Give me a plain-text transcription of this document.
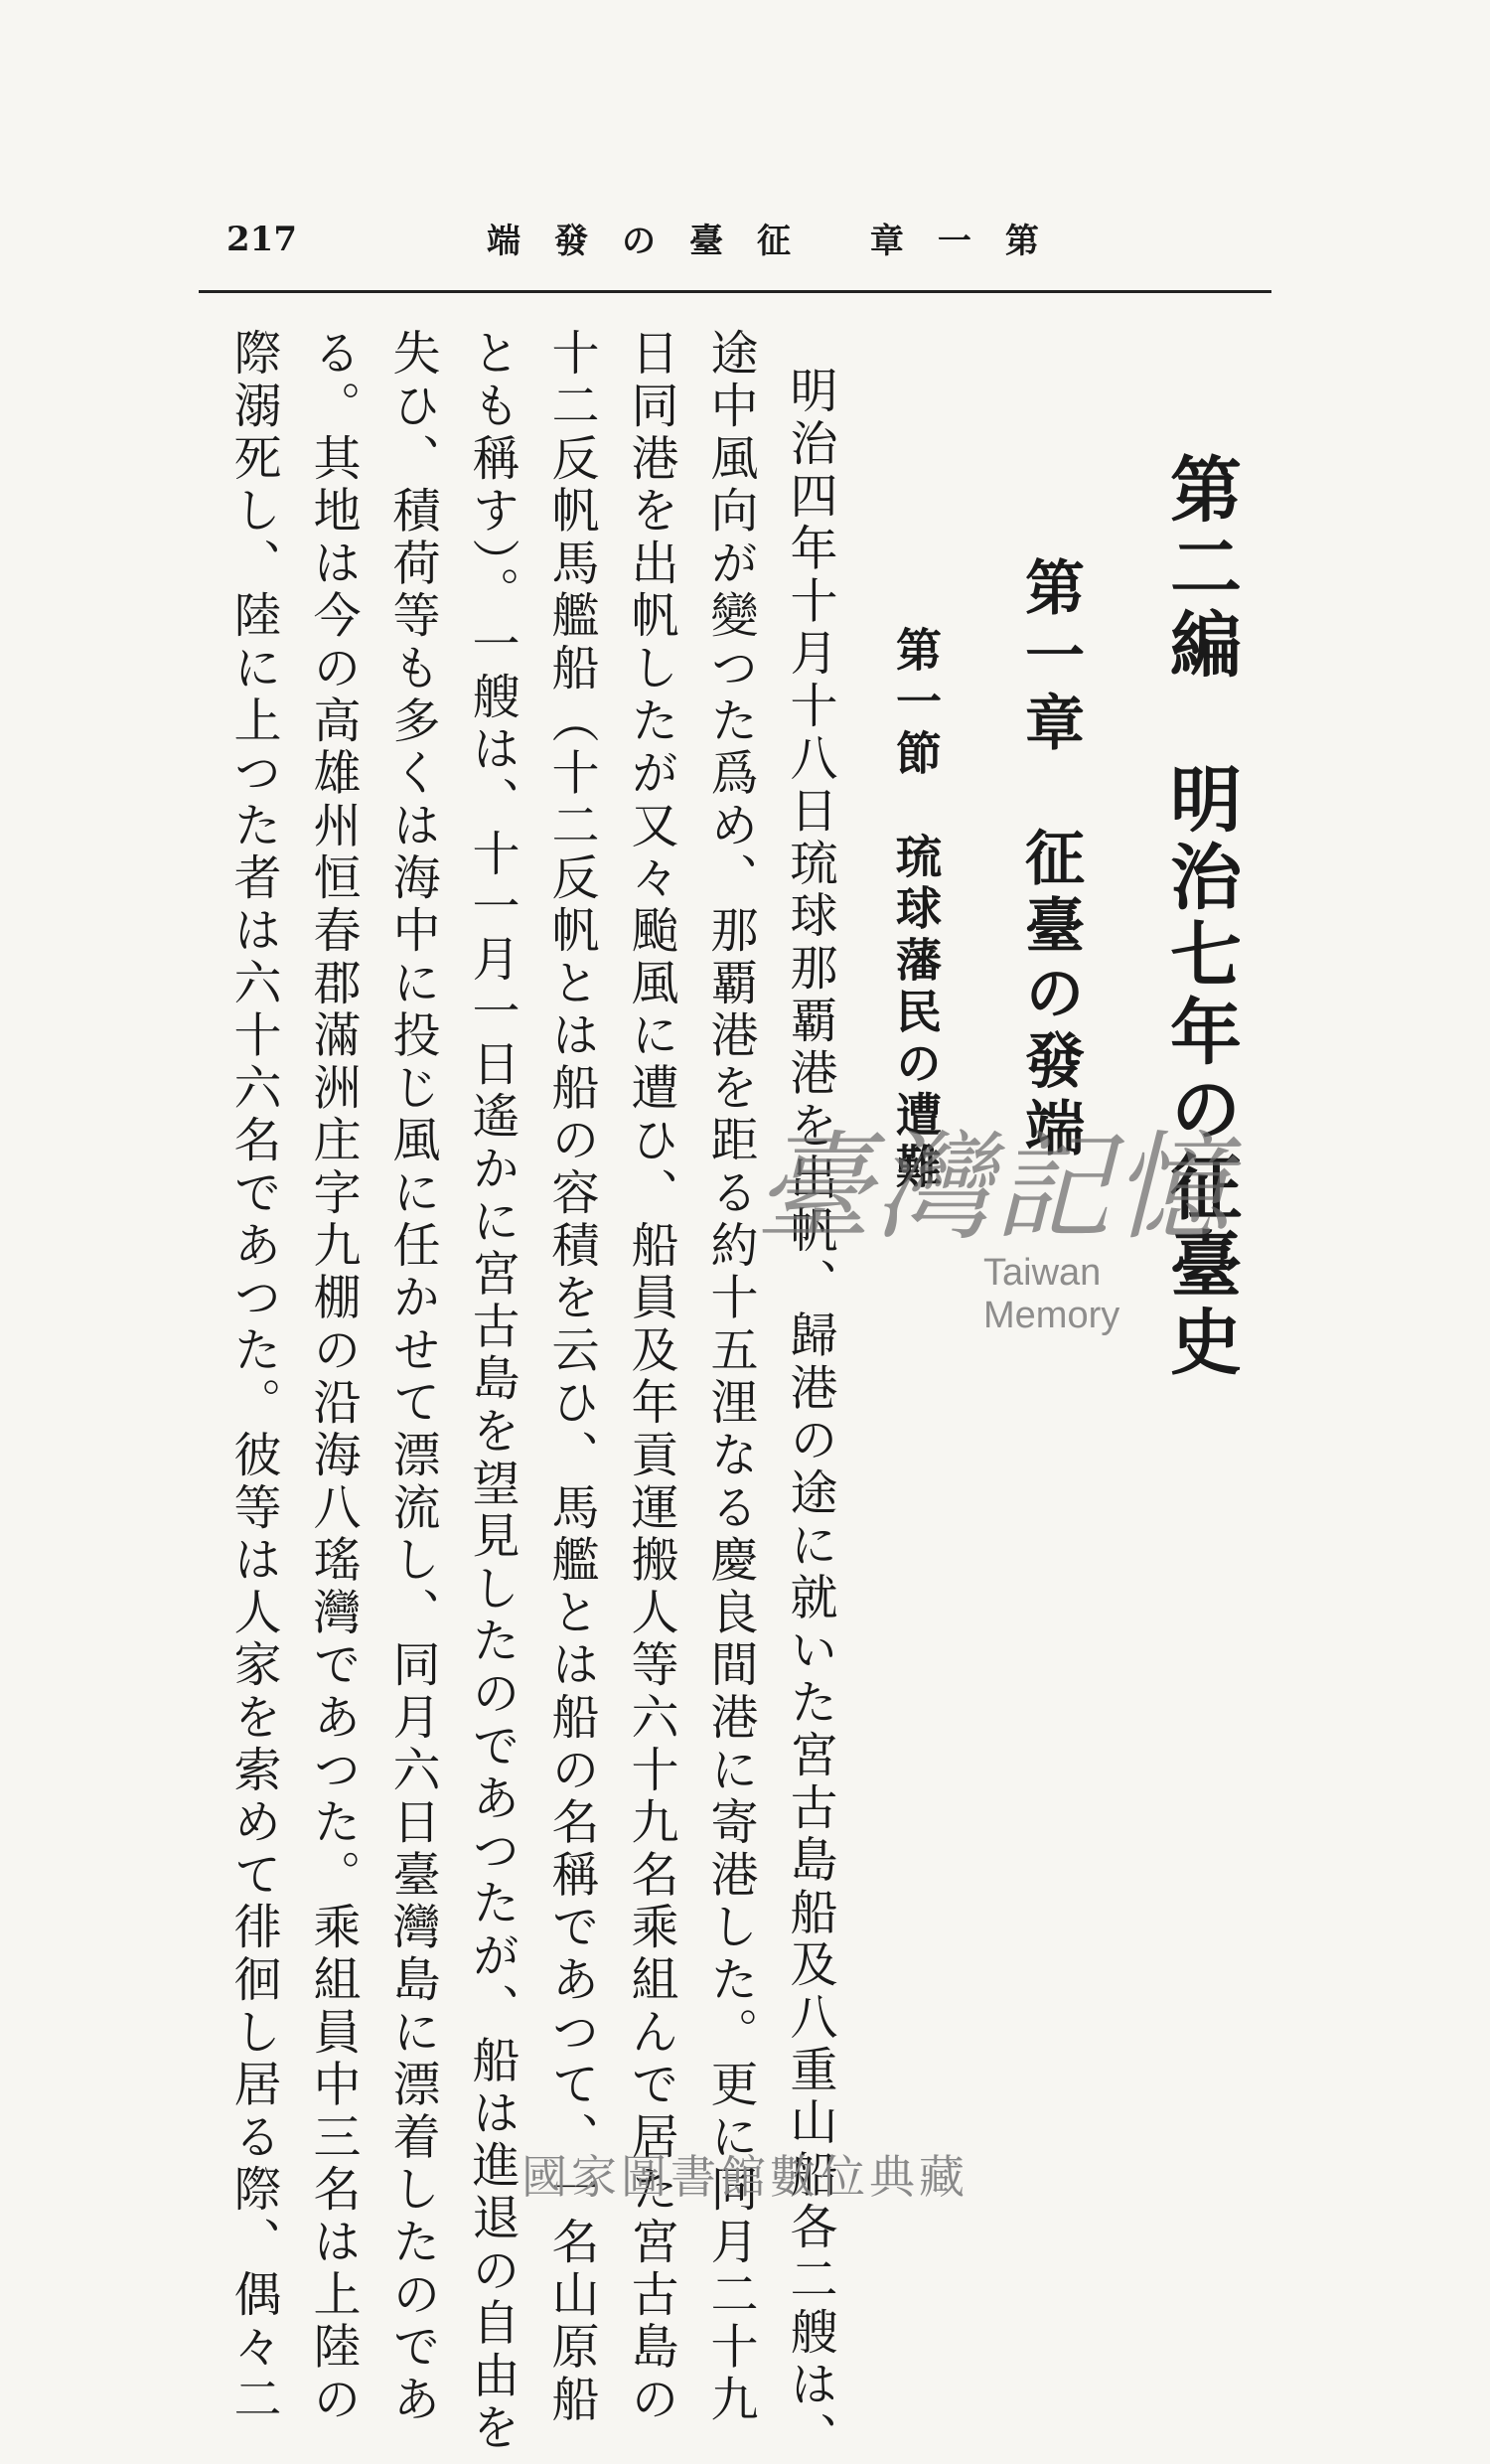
217	第一章 征臺の發端
第二編　明治七年の征臺史
第一章　征臺の發端
第一節　琉球藩民の遭難
明治四年十月十八日琉球那覇港を出帆、歸港の途に就いた宮古島船及八重山船各二艘は、
途中風向が變つた爲め、那覇港を距る約十五浬なる慶良間港に寄港した。更に同月二十九
日同港を出帆したが又々颱風に遭ひ、船員及年貢運搬人等六十九名乘組んで居た宮古島の
十二反帆馬艦船（十二反帆とは船の容積を云ひ、馬艦とは船の名稱であつて、一名山原船
とも稱す）。一艘は、十一月一日遙かに宮古島を望見したのであつたが、船は進退の自由を
失ひ、積荷等も多くは海中に投じ風に任かせて漂流し、同月六日臺灣島に漂着したのであ
る。其地は今の高雄州恒春郡滿洲庄字九棚の沿海八瑤灣であつた。乘組員中三名は上陸の
際溺死し、陸に上つた者は六十六名であつた。彼等は人家を索めて徘徊し居る際、偶々二	臺灣記憶
Taiwan Memory
國家圖書館數位典藏
